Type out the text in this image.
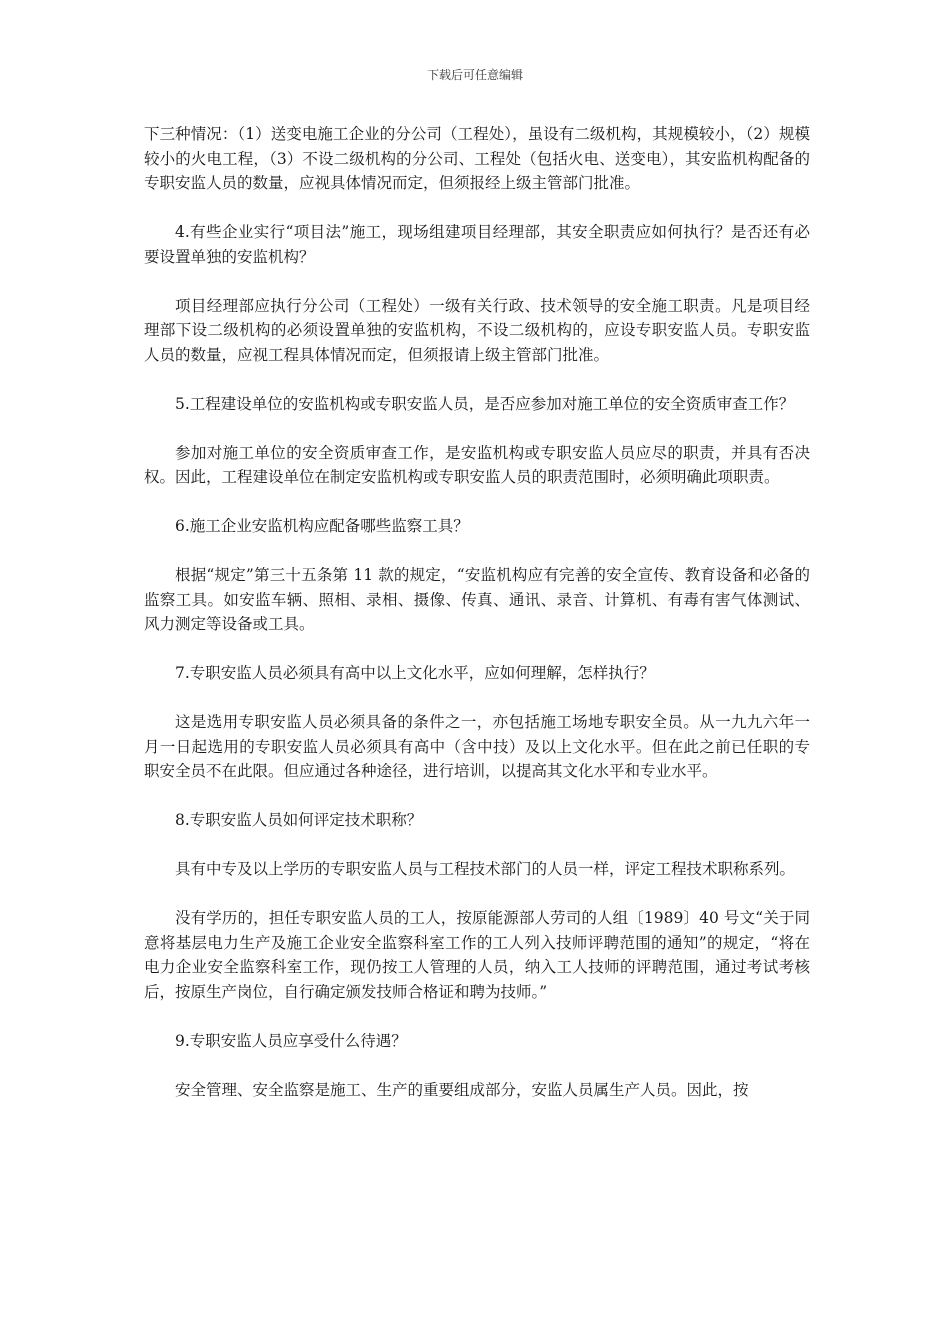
下载后可任意编辑

下三种情况：（1）送变电施工企业的分公司（工程处），虽设有二级机构，其规模较小，（2）规模较小的火电工程，（3）不设二级机构的分公司、工程处（包括火电、送变电），其安监机构配备的专职安监人员的数量，应视具体情况而定，但须报经上级主管部门批准。

4.有些企业实行“项目法”施工，现场组建项目经理部，其安全职责应如何执行？是否还有必要设置单独的安监机构？

项目经理部应执行分公司（工程处）一级有关行政、技术领导的安全施工职责。凡是项目经理部下设二级机构的必须设置单独的安监机构，不设二级机构的，应设专职安监人员。专职安监人员的数量，应视工程具体情况而定，但须报请上级主管部门批准。

5.工程建设单位的安监机构或专职安监人员，是否应参加对施工单位的安全资质审查工作？

参加对施工单位的安全资质审查工作，是安监机构或专职安监人员应尽的职责，并具有否决权。因此，工程建设单位在制定安监机构或专职安监人员的职责范围时，必须明确此项职责。

6.施工企业安监机构应配备哪些监察工具？

根据“规定”第三十五条第 11 款的规定，“安监机构应有完善的安全宣传、教育设备和必备的监察工具。如安监车辆、照相、录相、摄像、传真、通讯、录音、计算机、有毒有害气体测试、风力测定等设备或工具。

7.专职安监人员必须具有高中以上文化水平，应如何理解，怎样执行？

这是选用专职安监人员必须具备的条件之一，亦包括施工场地专职安全员。从一九九六年一月一日起选用的专职安监人员必须具有高中（含中技）及以上文化水平。但在此之前已任职的专职安全员不在此限。但应通过各种途径，进行培训，以提高其文化水平和专业水平。

8.专职安监人员如何评定技术职称？

具有中专及以上学历的专职安监人员与工程技术部门的人员一样，评定工程技术职称系列。

没有学历的，担任专职安监人员的工人，按原能源部人劳司的人组〔1989〕40 号文“关于同意将基层电力生产及施工企业安全监察科室工作的工人列入技师评聘范围的通知”的规定，“将在电力企业安全监察科室工作，现仍按工人管理的人员，纳入工人技师的评聘范围，通过考试考核后，按原生产岗位，自行确定颁发技师合格证和聘为技师。”

9.专职安监人员应享受什么待遇？

安全管理、安全监察是施工、生产的重要组成部分，安监人员属生产人员。因此，按
